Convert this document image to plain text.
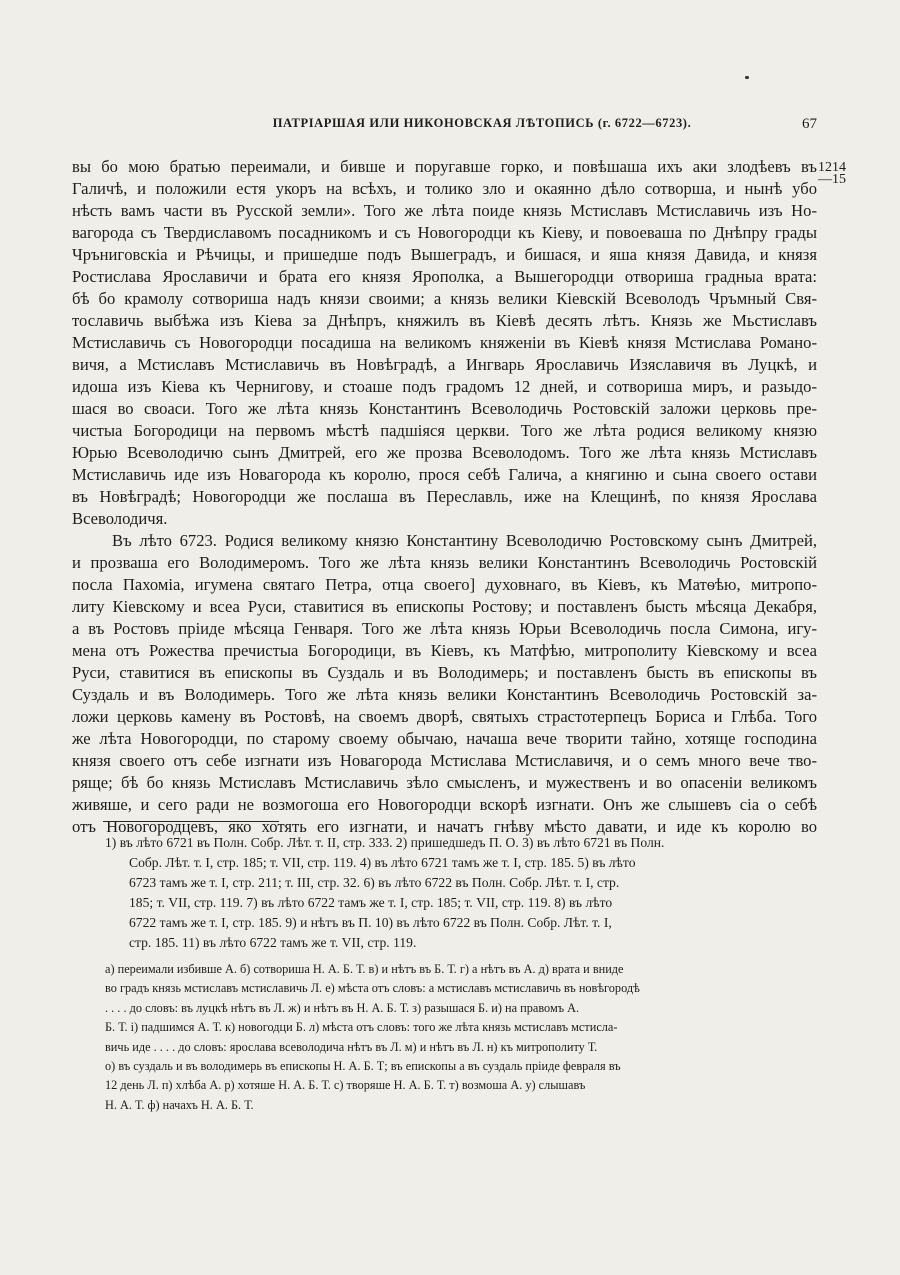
ПАТРІАРШАЯ ИЛИ НИКОНОВСКАЯ ЛѢТОПИСЬ (г. 6722—6723).	67
1214
—15
вы бо мою братью переимали, и бивше и поругавше горко, и повѣшаша ихъ аки злодѣевъ въ
Галичѣ, и положили естя укоръ на всѣхъ, и толико зло и окаянно дѣло сотворша, и нынѣ убо
нѣсть вамъ части въ Русской земли». Того же лѣта поиде князь Мстиславъ Мстиславичь изъ Но-
вагорода съ Твердиславомъ посадникомъ и съ Новогородци къ Кіеву, и повоеваша по Днѣпру грады
Чрънигoвскіа и Рѣчицы, и пришедше подъ Вышеградъ, и бишася, и яша князя Давида, и князя
Ростислава Ярославичи и брата его князя Ярополка, а Вышегородци отвориша градныа врата:
бѣ бо крамолу сотвориша надъ князи своими; а князь велики Кіевскій Всеволодъ Чръмный Свя-
тославичь выбѣжа изъ Кіева за Днѣпръ, княжилъ въ Кіевѣ десять лѣтъ. Князь же Мьстиславъ
Мстиславичь съ Новогородци посадиша на великомъ княженіи въ Кіевѣ князя Мстислава Романо-
вичя, а Мстиславъ Мстиславичь въ Новѣградѣ, а Ингварь Ярославичь Изяславичя въ Луцкѣ, и
идоша изъ Кіева къ Черниговy, и стоаше подъ градомъ 12 дней, и сотвориша миръ, и разыдо-
шася во своаси. Того же лѣта князь Константинъ Всеволодичь Ростовскій заложи церковь пре-
чистыа Богородици на первомъ мѣстѣ падшіяся церкви. Того же лѣта родися великому князю
Юрью Всеволодичю сынъ Дмитрей, его же прозва Всеволодомъ. Того же лѣта князь Мстиславъ
Мстиславичь иде изъ Новагорода къ королю, прося себѣ Галича, а княгиню и сына своего остави
въ Новѣградѣ; Новогородци же послаша въ Переславль, иже на Клещинѣ, по князя Ярослава
Всеволодичя.
Въ лѣто 6723. Родися великому князю Константину Всеволодичю Ростовскому сынъ Дмитрей,
и прозваша его Володимеромъ. Того же лѣта князь велики Константинъ Всеволодичь Ростовскій
посла Пахоміа, игумена святаго Петра, отца своего] духовнаго, въ Кіевъ, къ Матѳѣю, митропо-
литу Кіевскому и всеа Руси, ставитися въ епископы Ростову; и поставленъ бысть мѣсяца Декабря,
а въ Ростовъ пріиде мѣсяца Генваря. Того же лѣта князь Юрьи Всеволодичь посла Симона, игу-
мена отъ Рожества пречистыа Богородици, въ Кіевъ, къ Матфѣю, митрополиту Кіевскому и всеа
Руси, ставитися въ епископы въ Суздаль и въ Володимерь; и поставленъ бысть въ епископы въ
Суздаль и въ Володимерь. Того же лѣта князь велики Константинъ Всеволодичь Ростовскій за-
ложи церковь камену въ Ростовѣ, на своемъ дворѣ, святыхъ страстотерпецъ Бориса и Глѣба. Того
же лѣта Новогородци, по старому своему обычаю, начаша вече творити тайно, хотяще господина
князя своего отъ себе изгнати изъ Новагорода Мстислава Мстиславичя, и о семъ много вече тво-
ряще; бѣ бо князь Мстиславъ Мстиславичь зѣло смысленъ, и мужественъ и во опасеніи великомъ
живяше, и сего ради не возмогоша его Новогородци вскорѣ изгнати. Онъ же слышевъ сіа о себѣ
отъ Новогородцевъ, яко хотять его изгнати, и начатъ гнѣву мѣсто давати, и иде къ королю во
1) въ лѣто 6721 въ Полн. Собр. Лѣт. т. II, стр. 333. 2) пришедшедъ П. О. 3) въ лѣто 6721 въ Полн.
Собр. Лѣт. т. I, стр. 185; т. VII, стр. 119. 4) въ лѣто 6721 тамъ же т. I, стр. 185. 5) въ лѣто
6723 тамъ же т. I, стр. 211; т. III, стр. 32. 6) въ лѣто 6722 въ Полн. Собр. Лѣт. т. I, стр.
185; т. VII, стр. 119. 7) въ лѣто 6722 тамъ же т. I, стр. 185; т. VII, стр. 119. 8) въ лѣто
6722 тамъ же т. I, стр. 185. 9) и нѣтъ въ П. 10) въ лѣто 6722 въ Полн. Собр. Лѣт. т. I,
стр. 185. 11) въ лѣто 6722 тамъ же т. VII, стр. 119.
а) переимали избивше А. б) сотвориша Н. А. Б. Т. в) и нѣтъ въ Б. Т. г) а нѣтъ въ А. д) врата и вниде
во градъ князь мстиславъ мстиславичь Л. е) мѣста отъ словъ: а мстиславъ мстиславичь въ новѣгородѣ
. . . . до словъ: въ луцкѣ нѣтъ въ Л. ж) и нѣтъ въ Н. А. Б. Т. з) разышася Б. и) на правомъ А.
Б. Т. і) падшимся А. Т. к) новогодци Б. л) мѣста отъ словъ: того же лѣта князь мстиславъ мстисла-
вичь иде . . . . до словъ: ярослава всеволодича нѣтъ въ Л. м) и нѣтъ въ Л. н) къ митрополиту Т.
о) въ суздаль и въ володимерь въ епископы Н. А. Б. Т; въ епископы а въ суздаль пріиде февраля въ
12 день Л. п) хлѣба А. р) хотяше Н. А. Б. Т. с) творяше Н. А. Б. Т. т) возмоша А. у) слышавъ
Н. А. Т. ф) начахъ Н. А. Б. Т.
